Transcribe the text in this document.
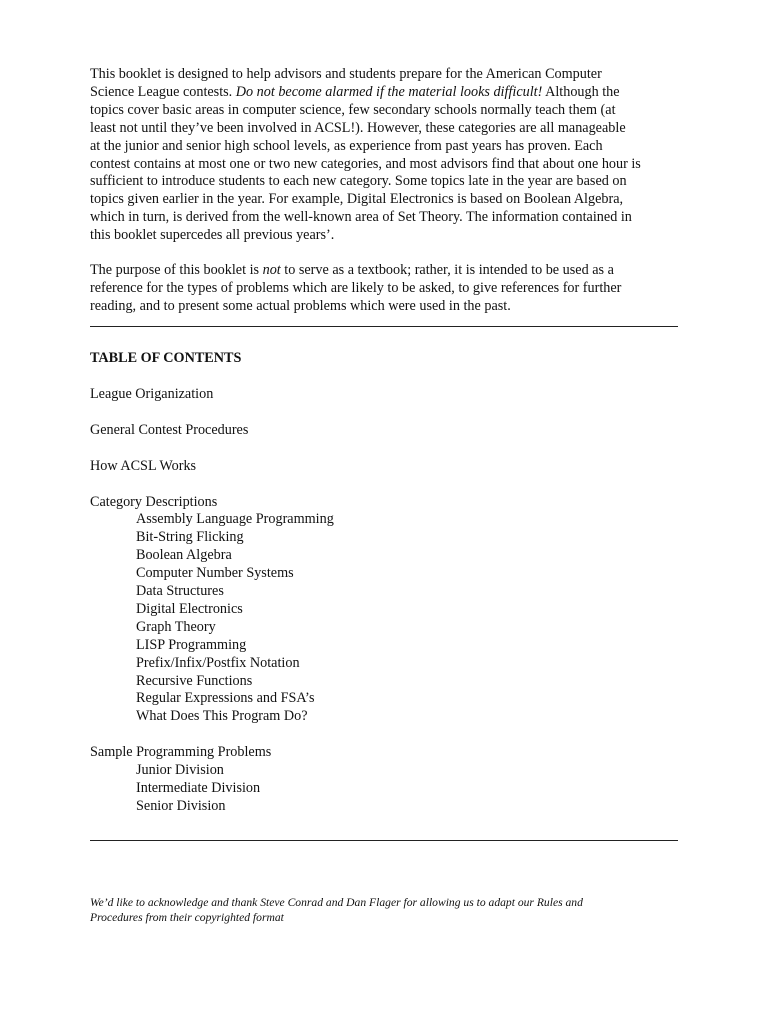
This booklet is designed to help advisors and students prepare for the American Computer
Science League contests. Do not become alarmed if the material looks difficult! Although the
topics cover basic areas in computer science, few secondary schools normally teach them (at
least not until they’ve been involved in ACSL!). However, these categories are all manageable
at the junior and senior high school levels, as experience from past years has proven. Each
contest contains at most one or two new categories, and most advisors find that about one hour is
sufficient to introduce students to each new category. Some topics late in the year are based on
topics given earlier in the year. For example, Digital Electronics is based on Boolean Algebra,
which in turn, is derived from the well-known area of Set Theory. The information contained in
this booklet supercedes all previous years’.

The purpose of this booklet is not to serve as a textbook; rather, it is intended to be used as a
reference for the types of problems which are likely to be asked, to give references for further
reading, and to present some actual problems which were used in the past.

TABLE OF CONTENTS
League Origanization
General Contest Procedures
How ACSL Works
Category Descriptions
Assembly Language Programming
Bit-String Flicking
Boolean Algebra
Computer Number Systems
Data Structures
Digital Electronics
Graph Theory
LISP Programming
Prefix/Infix/Postfix Notation
Recursive Functions
Regular Expressions and FSA’s
What Does This Program Do?
Sample Programming Problems
Junior Division
Intermediate Division
Senior Division
We’d like to acknowledge and thank Steve Conrad and Dan Flager for allowing us to adapt our Rules and
Procedures from their copyrighted format
